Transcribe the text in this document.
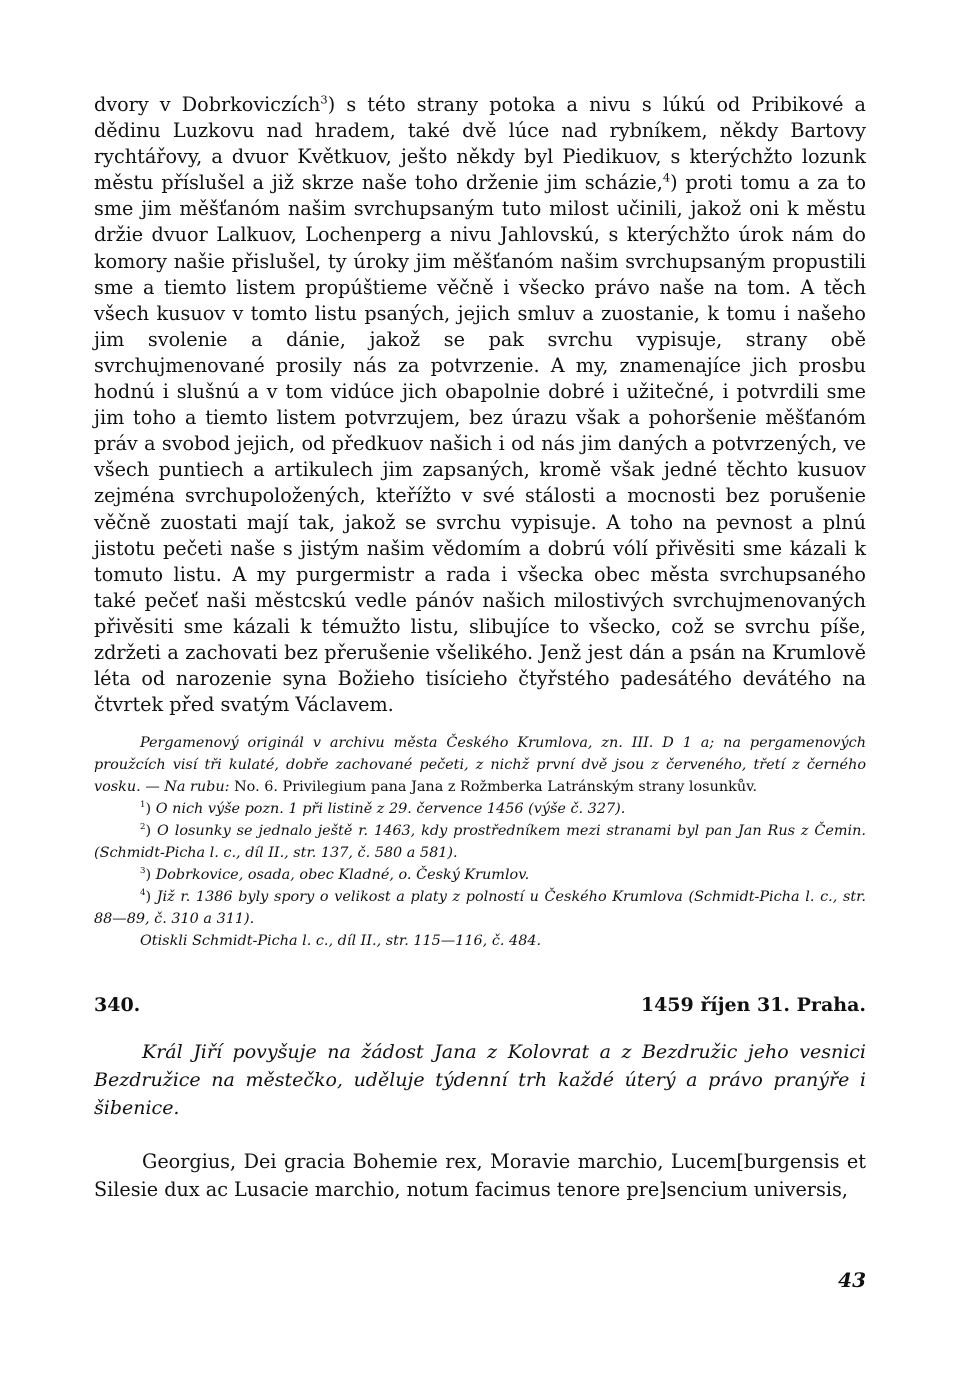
dvory v Dobrkoviczích$^3$) s této strany potoka a nivu s lúkú od Pribikové a dědinu Luzkovu nad hradem, také dvě lúce nad rybníkem, někdy Bartovy rychtářovy, a dvuor Květkuov, ješto někdy byl Piedikuov, s kterýchžto lozunk městu příslušel a již skrze naše toho drženie jim scházie,$^4$) proti tomu a za to sme jim měšťanóm našim svrchupsaným tuto milost učinili, jakož oni k městu držie dvuor Lalkuov, Lochenperg a nivu Jahlovskú, s kterýchžto úrok nám do komory našie přislušel, ty úroky jim měšťanóm našim svrchupsaným propustili sme a tiemto listem propúštieme věčně i všecko právo naše na tom. A těch všech kusuov v tomto listu psaných, jejich smluv a zuostanie, k tomu i našeho jim svolenie a dánie, jakož se pak svrchu vypisuje, strany obě svrchujmenované prosily nás za potvrzenie. A my, znamenajíce jich prosbu hodnú i slušnú a v tom vidúce jich obapolnie dobré i užitečné, i potvrdili sme jim toho a tiemto listem potvrzujem, bez úrazu však a pohoršenie měšťanóm práv a svobod jejich, od předkuov našich i od nás jim daných a potvrzených, ve všech puntiech a artikulech jim zapsaných, kromě však jedné těchto kusuov zejména svrchupoložených, kteřížto v své stálosti a mocnosti bez porušenie věčně zuostati mají tak, jakož se svrchu vypisuje. A toho na pevnost a plnú jistotu pečeti naše s jistým našim vědomím a dobrú vólí přivěsiti sme kázali k tomuto listu. A my purgermistr a rada i všecka obec města svrchupsaného také pečeť naši městcskú vedle pánóv našich milostivých svrchujmenovaných přivěsiti sme kázali k témužto listu, slibujíce to všecko, což se svrchu píše, zdržeti a zachovati bez přerušenie všelikého. Jenž jest dán a psán na Krumlově léta od narozenie syna Božieho tisícieho čtyřstého padesátého devátého na čtvrtek před svatým Václavem.

Pergamenový originál v archivu města Českého Krumlova, zn. III. D 1 a; na pergamenových proužcích visí tři kulaté, dobře zachované pečeti, z nichž první dvě jsou z červeného, třetí z černého vosku. — Na rubu: No. 6. Privilegium pana Jana z Rožmberka Latránským strany losunkův.

$^1$) O nich výše pozn. 1 při listině z 29. července 1456 (výše č. 327).

$^2$) O losunky se jednalo ještě r. 1463, kdy prostředníkem mezi stranami byl pan Jan Rus z Čemin. (Schmidt-Picha l. c., díl II., str. 137, č. 580 a 581).

$^3$) Dobrkovice, osada, obec Kladné, o. Český Krumlov.

$^4$) Již r. 1386 byly spory o velikost a platy z polností u Českého Krumlova (Schmidt-Picha l. c., str. 88—89, č. 310 a 311).

Otiskli Schmidt-Picha l. c., díl II., str. 115—116, č. 484.

340.	1459 říjen 31. Praha.

Král Jiří povyšuje na žádost Jana z Kolovrat a z Bezdružic jeho vesnici Bezdružice na městečko, uděluje týdenní trh každé úterý a právo pranýře i šibenice.

Georgius, Dei gracia Bohemie rex, Moravie marchio, Lucem[burgensis et Silesie dux ac Lusacie marchio, notum facimus tenore pre]sencium universis,

43
